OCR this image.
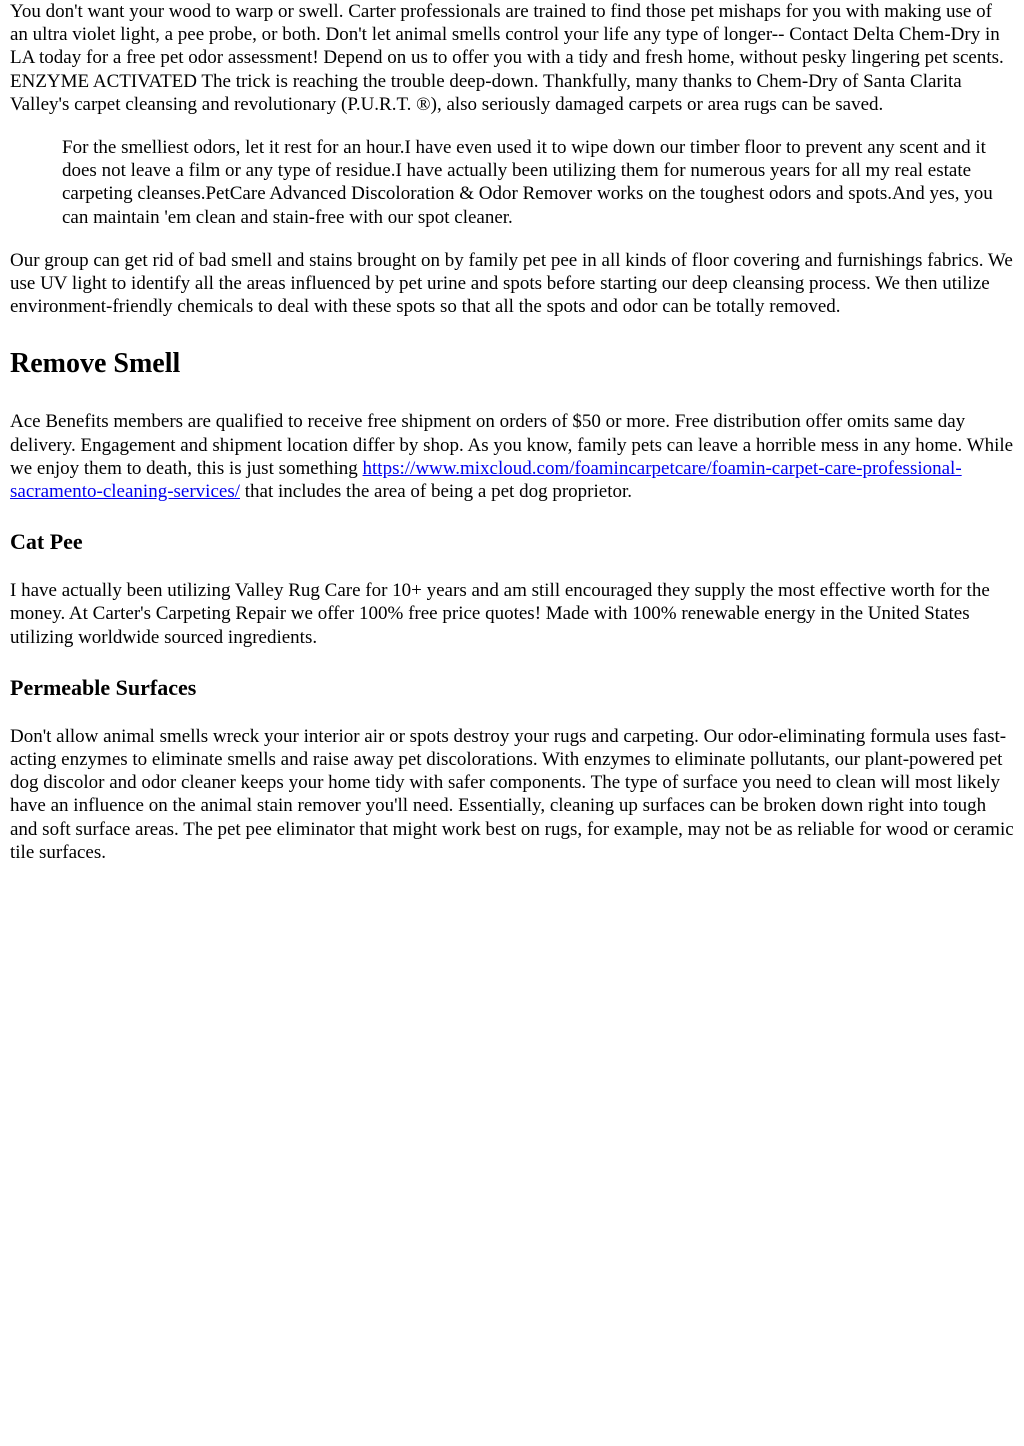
You don't want your wood to warp or swell. Carter professionals are trained to find those pet mishaps for you with making use of an ultra violet light, a pee probe, or both. Don't let animal smells control your life any type of longer-- Contact Delta Chem-Dry in LA today for a free pet odor assessment! Depend on us to offer you with a tidy and fresh home, without pesky lingering pet scents. ENZYME ACTIVATED The trick is reaching the trouble deep-down. Thankfully, many thanks to Chem-Dry of Santa Clarita Valley's carpet cleansing and revolutionary (P.U.R.T. ®), also seriously damaged carpets or area rugs can be saved.

For the smelliest odors, let it rest for an hour.I have even used it to wipe down our timber floor to prevent any scent and it does not leave a film or any type of residue.I have actually been utilizing them for numerous years for all my real estate carpeting cleanses.PetCare Advanced Discoloration & Odor Remover works on the toughest odors and spots.And yes, you can maintain 'em clean and stain-free with our spot cleaner.

Our group can get rid of bad smell and stains brought on by family pet pee in all kinds of floor covering and furnishings fabrics. We use UV light to identify all the areas influenced by pet urine and spots before starting our deep cleansing process. We then utilize environment-friendly chemicals to deal with these spots so that all the spots and odor can be totally removed.

Remove Smell

Ace Benefits members are qualified to receive free shipment on orders of $50 or more. Free distribution offer omits same day delivery. Engagement and shipment location differ by shop. As you know, family pets can leave a horrible mess in any home. While we enjoy them to death, this is just something https://www.mixcloud.com/foamincarpetcare/foamin-carpet-care-professional-sacramento-cleaning-services/ that includes the area of being a pet dog proprietor.

Cat Pee

I have actually been utilizing Valley Rug Care for 10+ years and am still encouraged they supply the most effective worth for the money. At Carter's Carpeting Repair we offer 100% free price quotes! Made with 100% renewable energy in the United States utilizing worldwide sourced ingredients.

Permeable Surfaces

Don't allow animal smells wreck your interior air or spots destroy your rugs and carpeting. Our odor-eliminating formula uses fast-acting enzymes to eliminate smells and raise away pet discolorations. With enzymes to eliminate pollutants, our plant-powered pet dog discolor and odor cleaner keeps your home tidy with safer components. The type of surface you need to clean will most likely have an influence on the animal stain remover you'll need. Essentially, cleaning up surfaces can be broken down right into tough and soft surface areas. The pet pee eliminator that might work best on rugs, for example, may not be as reliable for wood or ceramic tile surfaces.
